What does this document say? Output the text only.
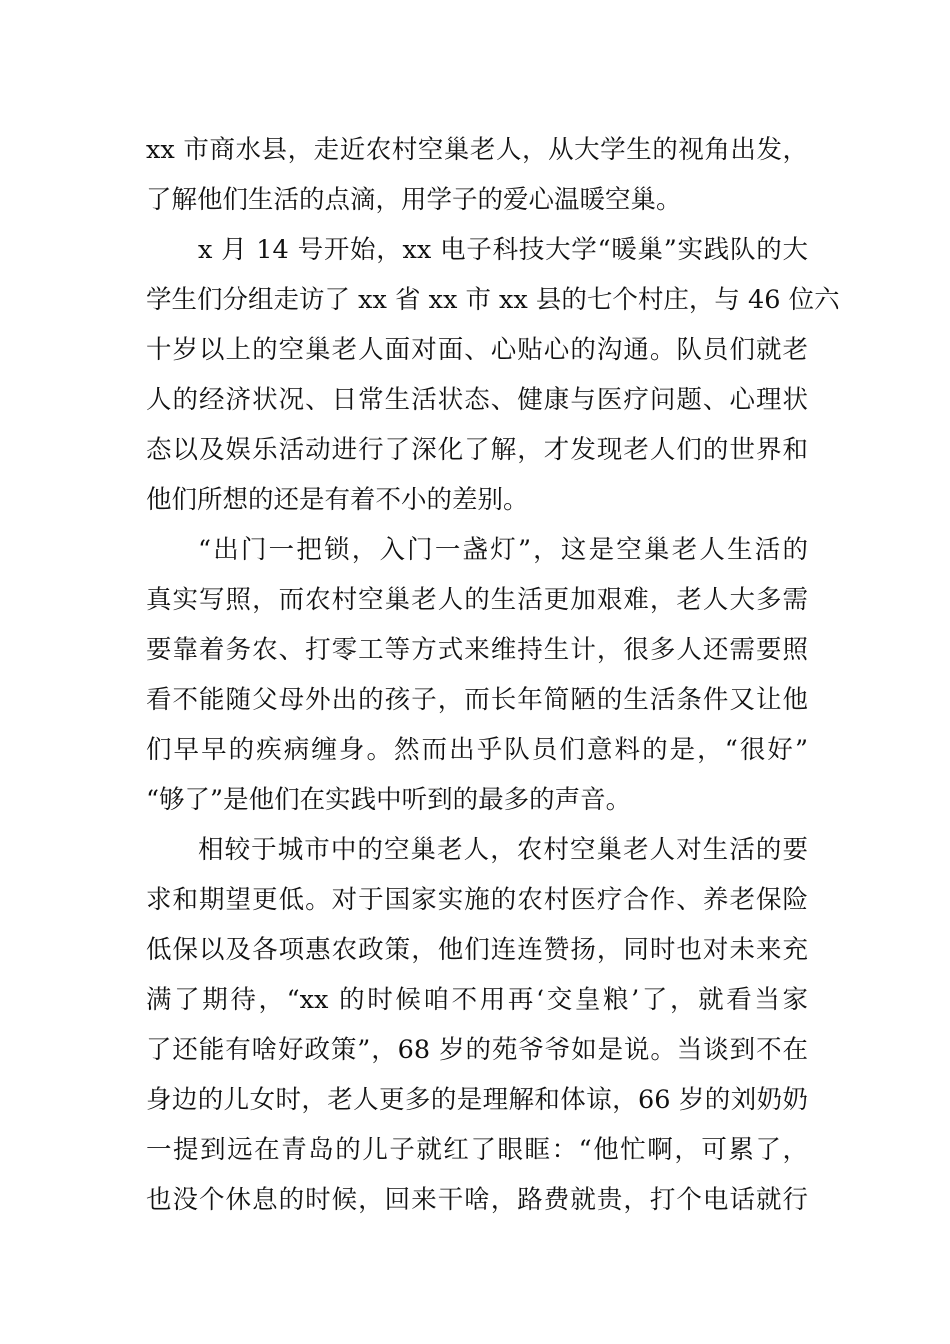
xx 市商水县，走近农村空巢老人，从大学生的视角出发，
了解他们生活的点滴，用学子的爱心温暖空巢。
x 月 14 号开始，xx 电子科技大学“暖巢”实践队的大
学生们分组走访了 xx 省 xx 市 xx 县的七个村庄，与 46 位六
十岁以上的空巢老人面对面、心贴心的沟通。队员们就老
人的经济状况、日常生活状态、健康与医疗问题、心理状
态以及娱乐活动进行了深化了解，才发现老人们的世界和
他们所想的还是有着不小的差别。
“出门一把锁，入门一盏灯”，这是空巢老人生活的
真实写照，而农村空巢老人的生活更加艰难，老人大多需
要靠着务农、打零工等方式来维持生计，很多人还需要照
看不能随父母外出的孩子，而长年简陋的生活条件又让他
们早早的疾病缠身。然而出乎队员们意料的是，“很好”
“够了”是他们在实践中听到的最多的声音。
相较于城市中的空巢老人，农村空巢老人对生活的要
求和期望更低。对于国家实施的农村医疗合作、养老保险
低保以及各项惠农政策，他们连连赞扬，同时也对未来充
满了期待，“xx 的时候咱不用再‘交皇粮’了，就看当家
了还能有啥好政策”，68 岁的苑爷爷如是说。当谈到不在
身边的儿女时，老人更多的是理解和体谅，66 岁的刘奶奶
一提到远在青岛的儿子就红了眼眶：“他忙啊，可累了，
也没个休息的时候，回来干啥，路费就贵，打个电话就行
